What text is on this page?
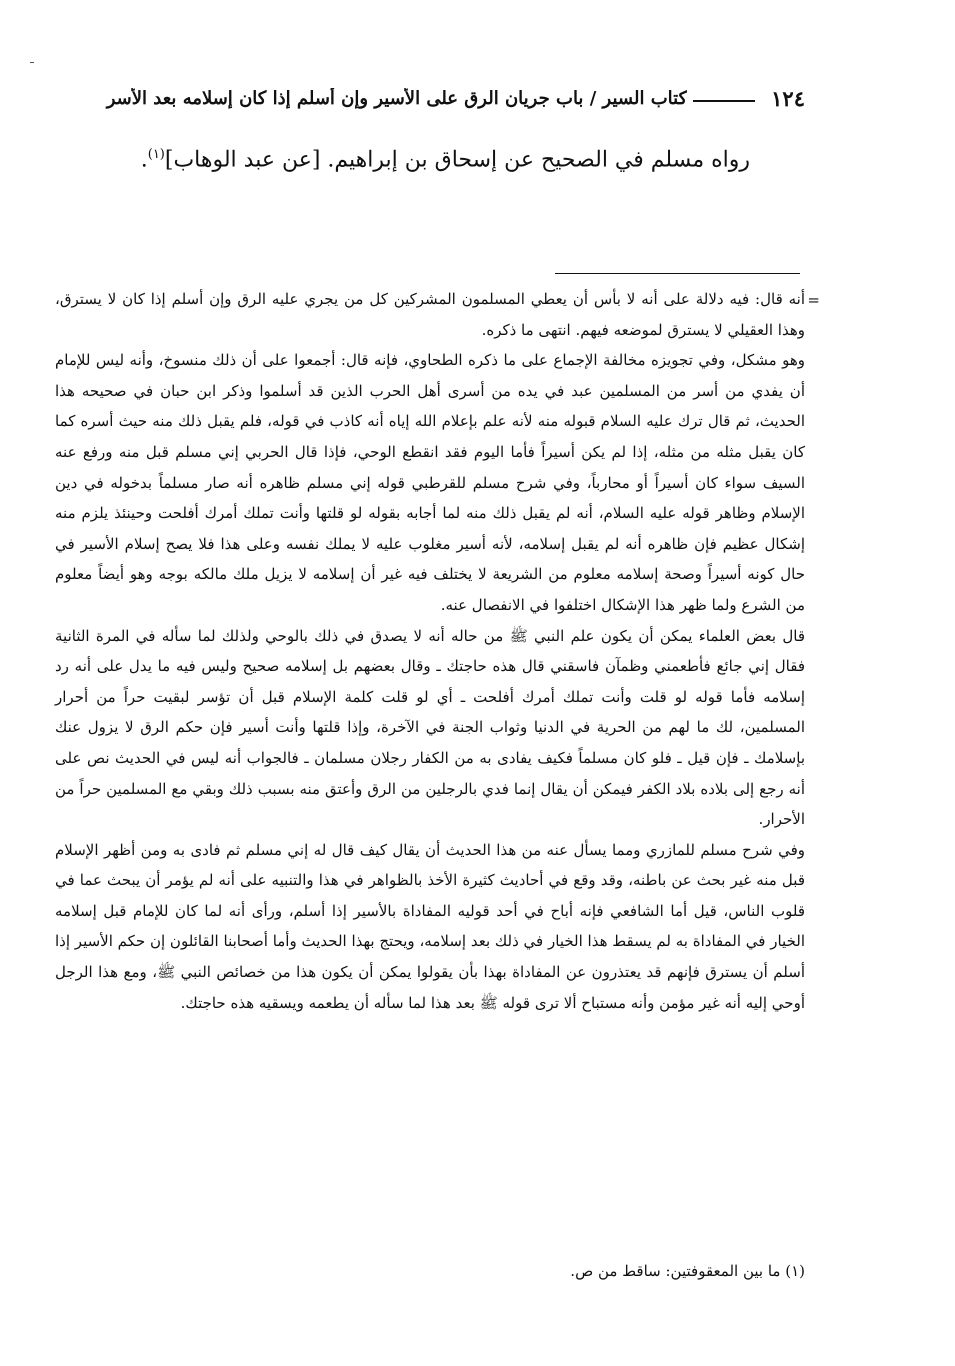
١٢٤
كتاب السير / باب جريان الرق على الأسير وإن أسلم إذا كان إسلامه بعد الأسر
رواه مسلم في الصحيح عن إسحاق بن إبراهيم. [عن عبد الوهاب]$^{(١)}$.
=

أنه قال: فيه دلالة على أنه لا بأس أن يعطي المسلمون المشركين كل من يجري عليه الرق وإن أسلم إذا كان لا يسترق، وهذا العقيلي لا يسترق لموضعه فيهم. انتهى ما ذكره.

وهو مشكل، وفي تجويزه مخالفة الإجماع على ما ذكره الطحاوي، فإنه قال: أجمعوا على أن ذلك منسوخ، وأنه ليس للإمام أن يفدي من أسر من المسلمين عبد في يده من أسرى أهل الحرب الذين قد أسلموا وذكر ابن حبان في صحيحه هذا الحديث، ثم قال ترك عليه السلام قبوله منه لأنه علم بإعلام الله إياه أنه كاذب في قوله، فلم يقبل ذلك منه حيث أسره كما كان يقبل مثله من مثله، إذا لم يكن أسيراً فأما اليوم فقد انقطع الوحي، فإذا قال الحربي إني مسلم قبل منه ورفع عنه السيف سواء كان أسيراً أو محارباً، وفي شرح مسلم للقرطبي قوله إني مسلم ظاهره أنه صار مسلماً بدخوله في دين الإسلام وظاهر قوله عليه السلام، أنه لم يقبل ذلك منه لما أجابه بقوله لو قلتها وأنت تملك أمرك أفلحت وحينئذ يلزم منه إشكال عظيم فإن ظاهره أنه لم يقبل إسلامه، لأنه أسير مغلوب عليه لا يملك نفسه وعلى هذا فلا يصح إسلام الأسير في حال كونه أسيراً وصحة إسلامه معلوم من الشريعة لا يختلف فيه غير أن إسلامه لا يزيل ملك مالكه بوجه وهو أيضاً معلوم من الشرع ولما ظهر هذا الإشكال اختلفوا في الانفصال عنه.

قال بعض العلماء يمكن أن يكون علم النبي ﷺ من حاله أنه لا يصدق في ذلك بالوحي ولذلك لما سأله في المرة الثانية فقال إني جائع فأطعمني وظمآن فاسقني قال هذه حاجتك ـ وقال بعضهم بل إسلامه صحيح وليس فيه ما يدل على أنه رد إسلامه فأما قوله لو قلت وأنت تملك أمرك أفلحت ـ أي لو قلت كلمة الإسلام قبل أن تؤسر لبقيت حراً من أحرار المسلمين، لك ما لهم من الحرية في الدنيا وثواب الجنة في الآخرة، وإذا قلتها وأنت أسير فإن حكم الرق لا يزول عنك بإسلامك ـ فإن قيل ـ فلو كان مسلماً فكيف يفادى به من الكفار رجلان مسلمان ـ فالجواب أنه ليس في الحديث نص على أنه رجع إلى بلاده بلاد الكفر فيمكن أن يقال إنما فدي بالرجلين من الرق وأعتق منه بسبب ذلك وبقي مع المسلمين حراً من الأحرار.

وفي شرح مسلم للمازري ومما يسأل عنه من هذا الحديث أن يقال كيف قال له إني مسلم ثم فادى به ومن أظهر الإسلام قبل منه غير بحث عن باطنه، وقد وقع في أحاديث كثيرة الأخذ بالظواهر في هذا والتنبيه على أنه لم يؤمر أن يبحث عما في قلوب الناس، قيل أما الشافعي فإنه أباح في أحد قوليه المفاداة بالأسير إذا أسلم، ورأى أنه لما كان للإمام قبل إسلامه الخيار في المفاداة به لم يسقط هذا الخيار في ذلك بعد إسلامه، ويحتج بهذا الحديث وأما أصحابنا القائلون إن حكم الأسير إذا أسلم أن يسترق فإنهم قد يعتذرون عن المفاداة بهذا بأن يقولوا يمكن أن يكون هذا من خصائص النبي ﷺ، ومع هذا الرجل أوحي إليه أنه غير مؤمن وأنه مستباح ألا ترى قوله ﷺ بعد هذا لما سأله أن يطعمه ويسقيه هذه حاجتك.

(١) ما بين المعقوفتين: ساقط من ص.
